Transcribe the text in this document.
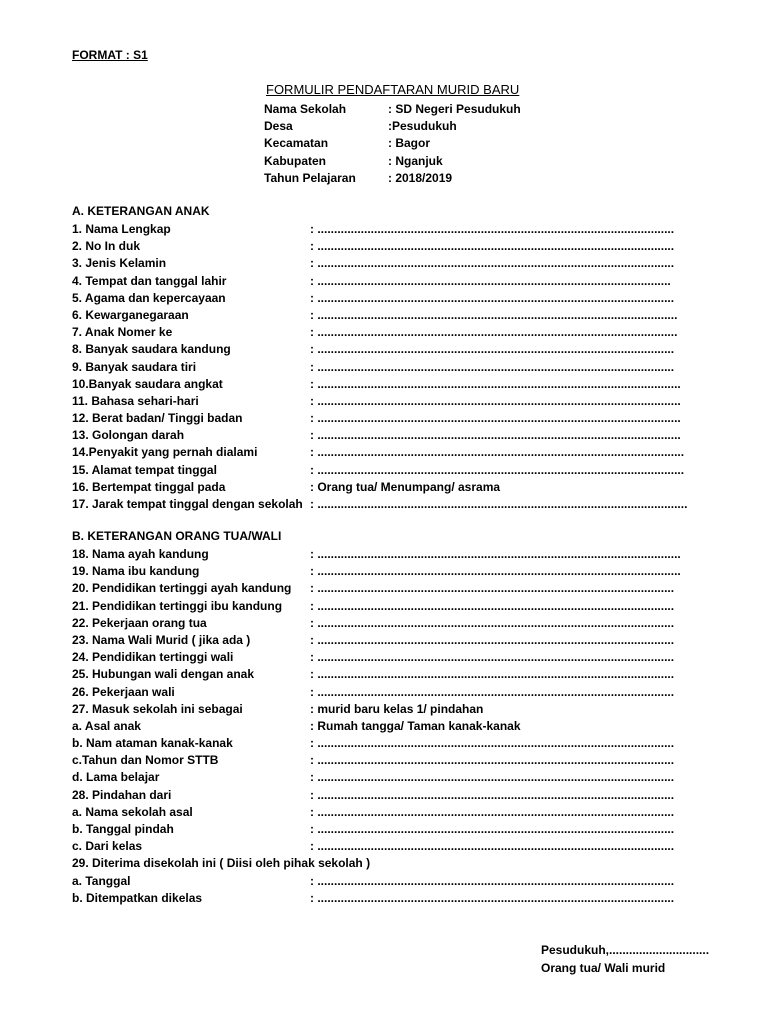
FORMAT : S1
FORMULIR PENDAFTARAN MURID BARU
Nama Sekolah	: SD Negeri Pesudukuh
Desa	:Pesudukuh
Kecamatan	: Bagor
Kabupaten	: Nganjuk
Tahun Pelajaran	: 2018/2019
A. KETERANGAN ANAK
1. Nama Lengkap	: ...........................................................................................................
2. No In duk	: ...........................................................................................................
3. Jenis Kelamin	: ...........................................................................................................
4. Tempat dan tanggal lahir	: ..........................................................................................................
5. Agama dan kepercayaan	: ...........................................................................................................
6. Kewarganegaraan	: ............................................................................................................
7. Anak Nomer ke	: ............................................................................................................
8. Banyak saudara kandung	: ...........................................................................................................
9. Banyak saudara tiri	: ...........................................................................................................
10.Banyak saudara angkat	: .............................................................................................................
11. Bahasa sehari-hari	: .............................................................................................................
12. Berat badan/ Tinggi badan	: .............................................................................................................
13. Golongan darah	: .............................................................................................................
14.Penyakit yang pernah dialami	: ..............................................................................................................
15. Alamat tempat tinggal	: ..............................................................................................................
16. Bertempat tinggal pada	: Orang tua/ Menumpang/ asrama
17. Jarak tempat tinggal dengan sekolah : ...............................................................................................................
B. KETERANGAN ORANG TUA/WALI
18. Nama ayah kandung	: .............................................................................................................
19. Nama ibu kandung	: .............................................................................................................
20. Pendidikan tertinggi ayah kandung : ...........................................................................................................
21. Pendidikan tertinggi ibu kandung : ...........................................................................................................
22. Pekerjaan orang tua	: ...........................................................................................................
23. Nama Wali Murid ( jika ada )	: ...........................................................................................................
24. Pendidikan tertinggi wali	: ...........................................................................................................
25. Hubungan wali dengan anak	: ...........................................................................................................
26. Pekerjaan wali	: ...........................................................................................................
27. Masuk sekolah ini sebagai	: murid baru kelas 1/ pindahan
a. Asal anak	: Rumah tangga/ Taman kanak-kanak
b. Nam ataman kanak-kanak	: ...........................................................................................................
c.Tahun dan Nomor STTB	: ...........................................................................................................
d. Lama belajar	: ...........................................................................................................
28. Pindahan dari	: ...........................................................................................................
a. Nama sekolah asal	: ...........................................................................................................
b. Tanggal pindah	: ...........................................................................................................
c. Dari kelas	: ...........................................................................................................
29. Diterima disekolah ini ( Diisi oleh pihak sekolah )
a. Tanggal	: ...........................................................................................................
b. Ditempatkan dikelas	: ...........................................................................................................
Pesudukuh,..............................
Orang tua/ Wali murid
